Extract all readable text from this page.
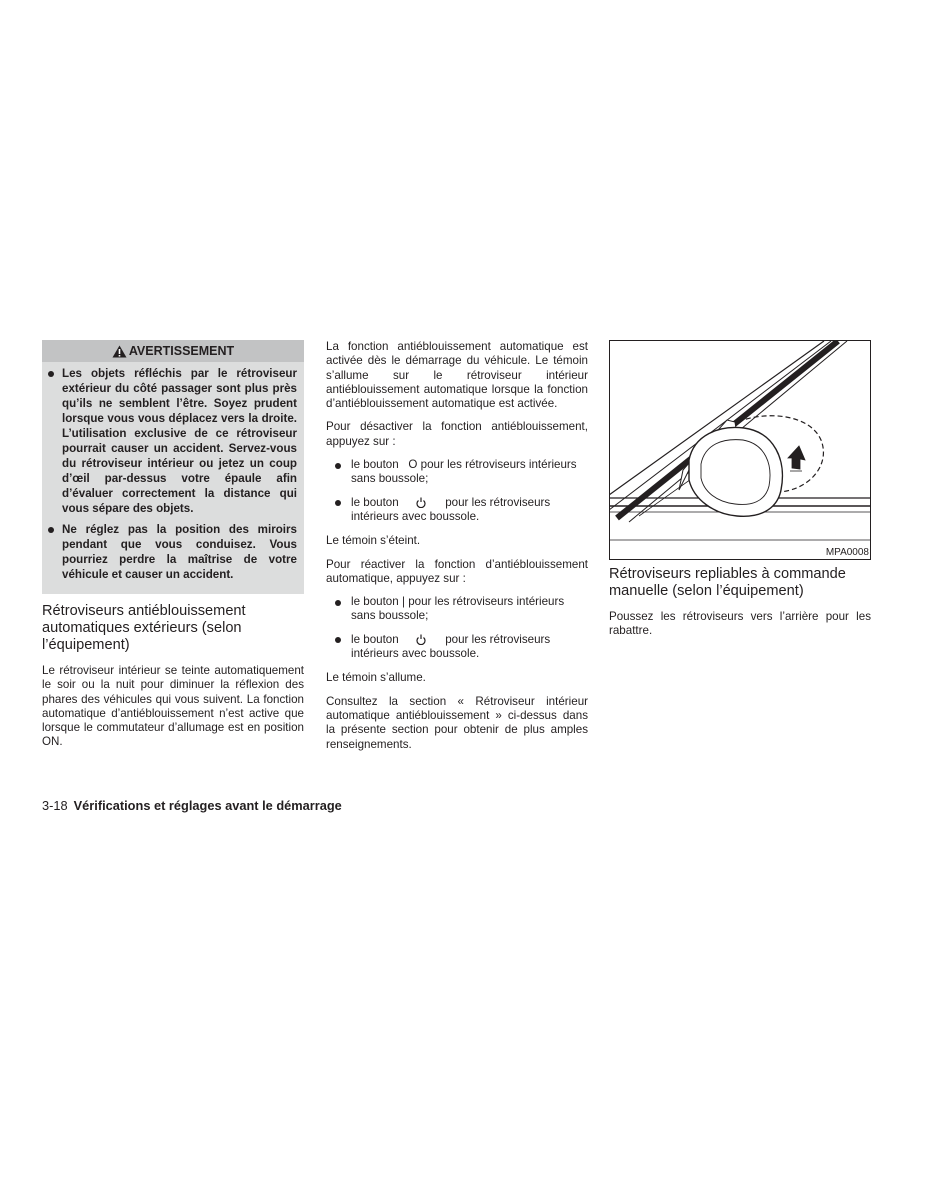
AVERTISSEMENT
Les objets réfléchis par le rétroviseur extérieur du côté passager sont plus près qu’ils ne semblent l’être. Soyez prudent lorsque vous vous déplacez vers la droite. L’utilisation exclusive de ce rétroviseur pourrait causer un accident. Servez-vous du rétroviseur intérieur ou jetez un coup d’œil par-dessus votre épaule afin d’évaluer correctement la distance qui vous sépare des objets.
Ne réglez pas la position des miroirs pendant que vous conduisez. Vous pourriez perdre la maîtrise de votre véhicule et causer un accident.
Rétroviseurs antiéblouissement automatiques extérieurs (selon l’équipement)

Le rétroviseur intérieur se teinte automatiquement le soir ou la nuit pour diminuer la réflexion des phares des véhicules qui vous suivent. La fonction automatique d’antiéblouissement n’est active que lorsque le commutateur d’allumage est en position ON.

La fonction antiéblouissement automatique est activée dès le démarrage du véhicule. Le témoin s’allume sur le rétroviseur intérieur antiéblouissement automatique lorsque la fonction d’antiéblouissement automatique est activée.

Pour désactiver la fonction antiéblouissement, appuyez sur :

le bouton O pour les rétroviseurs intérieurs sans boussole;
le bouton	pour les rétroviseurs intérieurs avec boussole.

Le témoin s’éteint.

Pour réactiver la fonction d’antiéblouissement automatique, appuyez sur :

le bouton | pour les rétroviseurs intérieurs sans boussole;
le bouton	pour les rétroviseurs intérieurs avec boussole.

Le témoin s’allume.

Consultez la section « Rétroviseur intérieur automatique antiéblouissement » ci-dessus dans la présente section pour obtenir de plus amples renseignements.

MPA0008
Rétroviseurs repliables à commande manuelle (selon l’équipement)

Poussez les rétroviseurs vers l’arrière pour les rabattre.

3-18 Vérifications et réglages avant le démarrage
